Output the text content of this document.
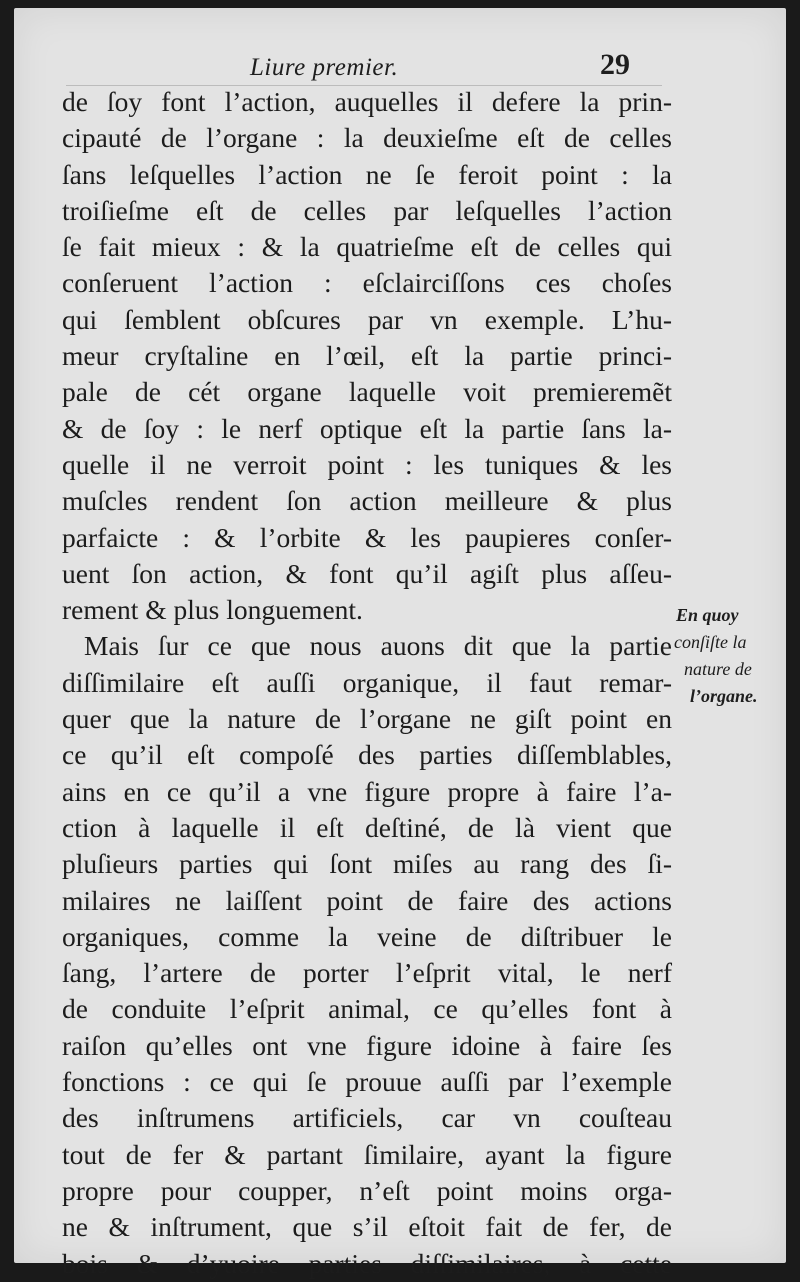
Liure premier.	29
de ſoy font l’action, auquelles il defere la prin-
cipauté de l’organe : la deuxieſme eſt de celles
ſans leſquelles l’action ne ſe feroit point : la
troiſieſme eſt de celles par leſquelles l’action
ſe fait mieux : & la quatrieſme eſt de celles qui
conſeruent l’action : eſclairciſſons ces choſes
qui ſemblent obſcures par vn exemple. L’hu-
meur cryſtaline en l’œil, eſt la partie princi-
pale de cét organe laquelle voit premieremẽt
& de ſoy : le nerf optique eſt la partie ſans la-
quelle il ne verroit point : les tuniques & les
muſcles rendent ſon action meilleure & plus
parfaicte : & l’orbite & les paupieres conſer-
uent ſon action, & font qu’il agiſt plus aſſeu-
rement & plus longuement.
Mais ſur ce que nous auons dit que la partie
diſſimilaire eſt auſſi organique, il faut remar-
quer que la nature de l’organe ne giſt point en
ce qu’il eſt compoſé des parties diſſemblables,
ains en ce qu’il a vne figure propre à faire l’a-
ction à laquelle il eſt deſtiné, de là vient que
pluſieurs parties qui ſont miſes au rang des ſi-
milaires ne laiſſent point de faire des actions
organiques, comme la veine de diſtribuer le
ſang, l’artere de porter l’eſprit vital, le nerf
de conduite l’eſprit animal, ce qu’elles font à
raiſon qu’elles ont vne figure idoine à faire ſes
fonctions : ce qui ſe prouue auſſi par l’exemple
des inſtrumens artificiels, car vn couſteau
tout de fer & partant ſimilaire, ayant la figure
propre pour coupper, n’eſt point moins orga-
ne & inſtrument, que s’il eſtoit fait de fer, de
bois & d’yuoire parties diſſimilaires, à cette
En quoy
conſiſte la
nature de
l’organe.
